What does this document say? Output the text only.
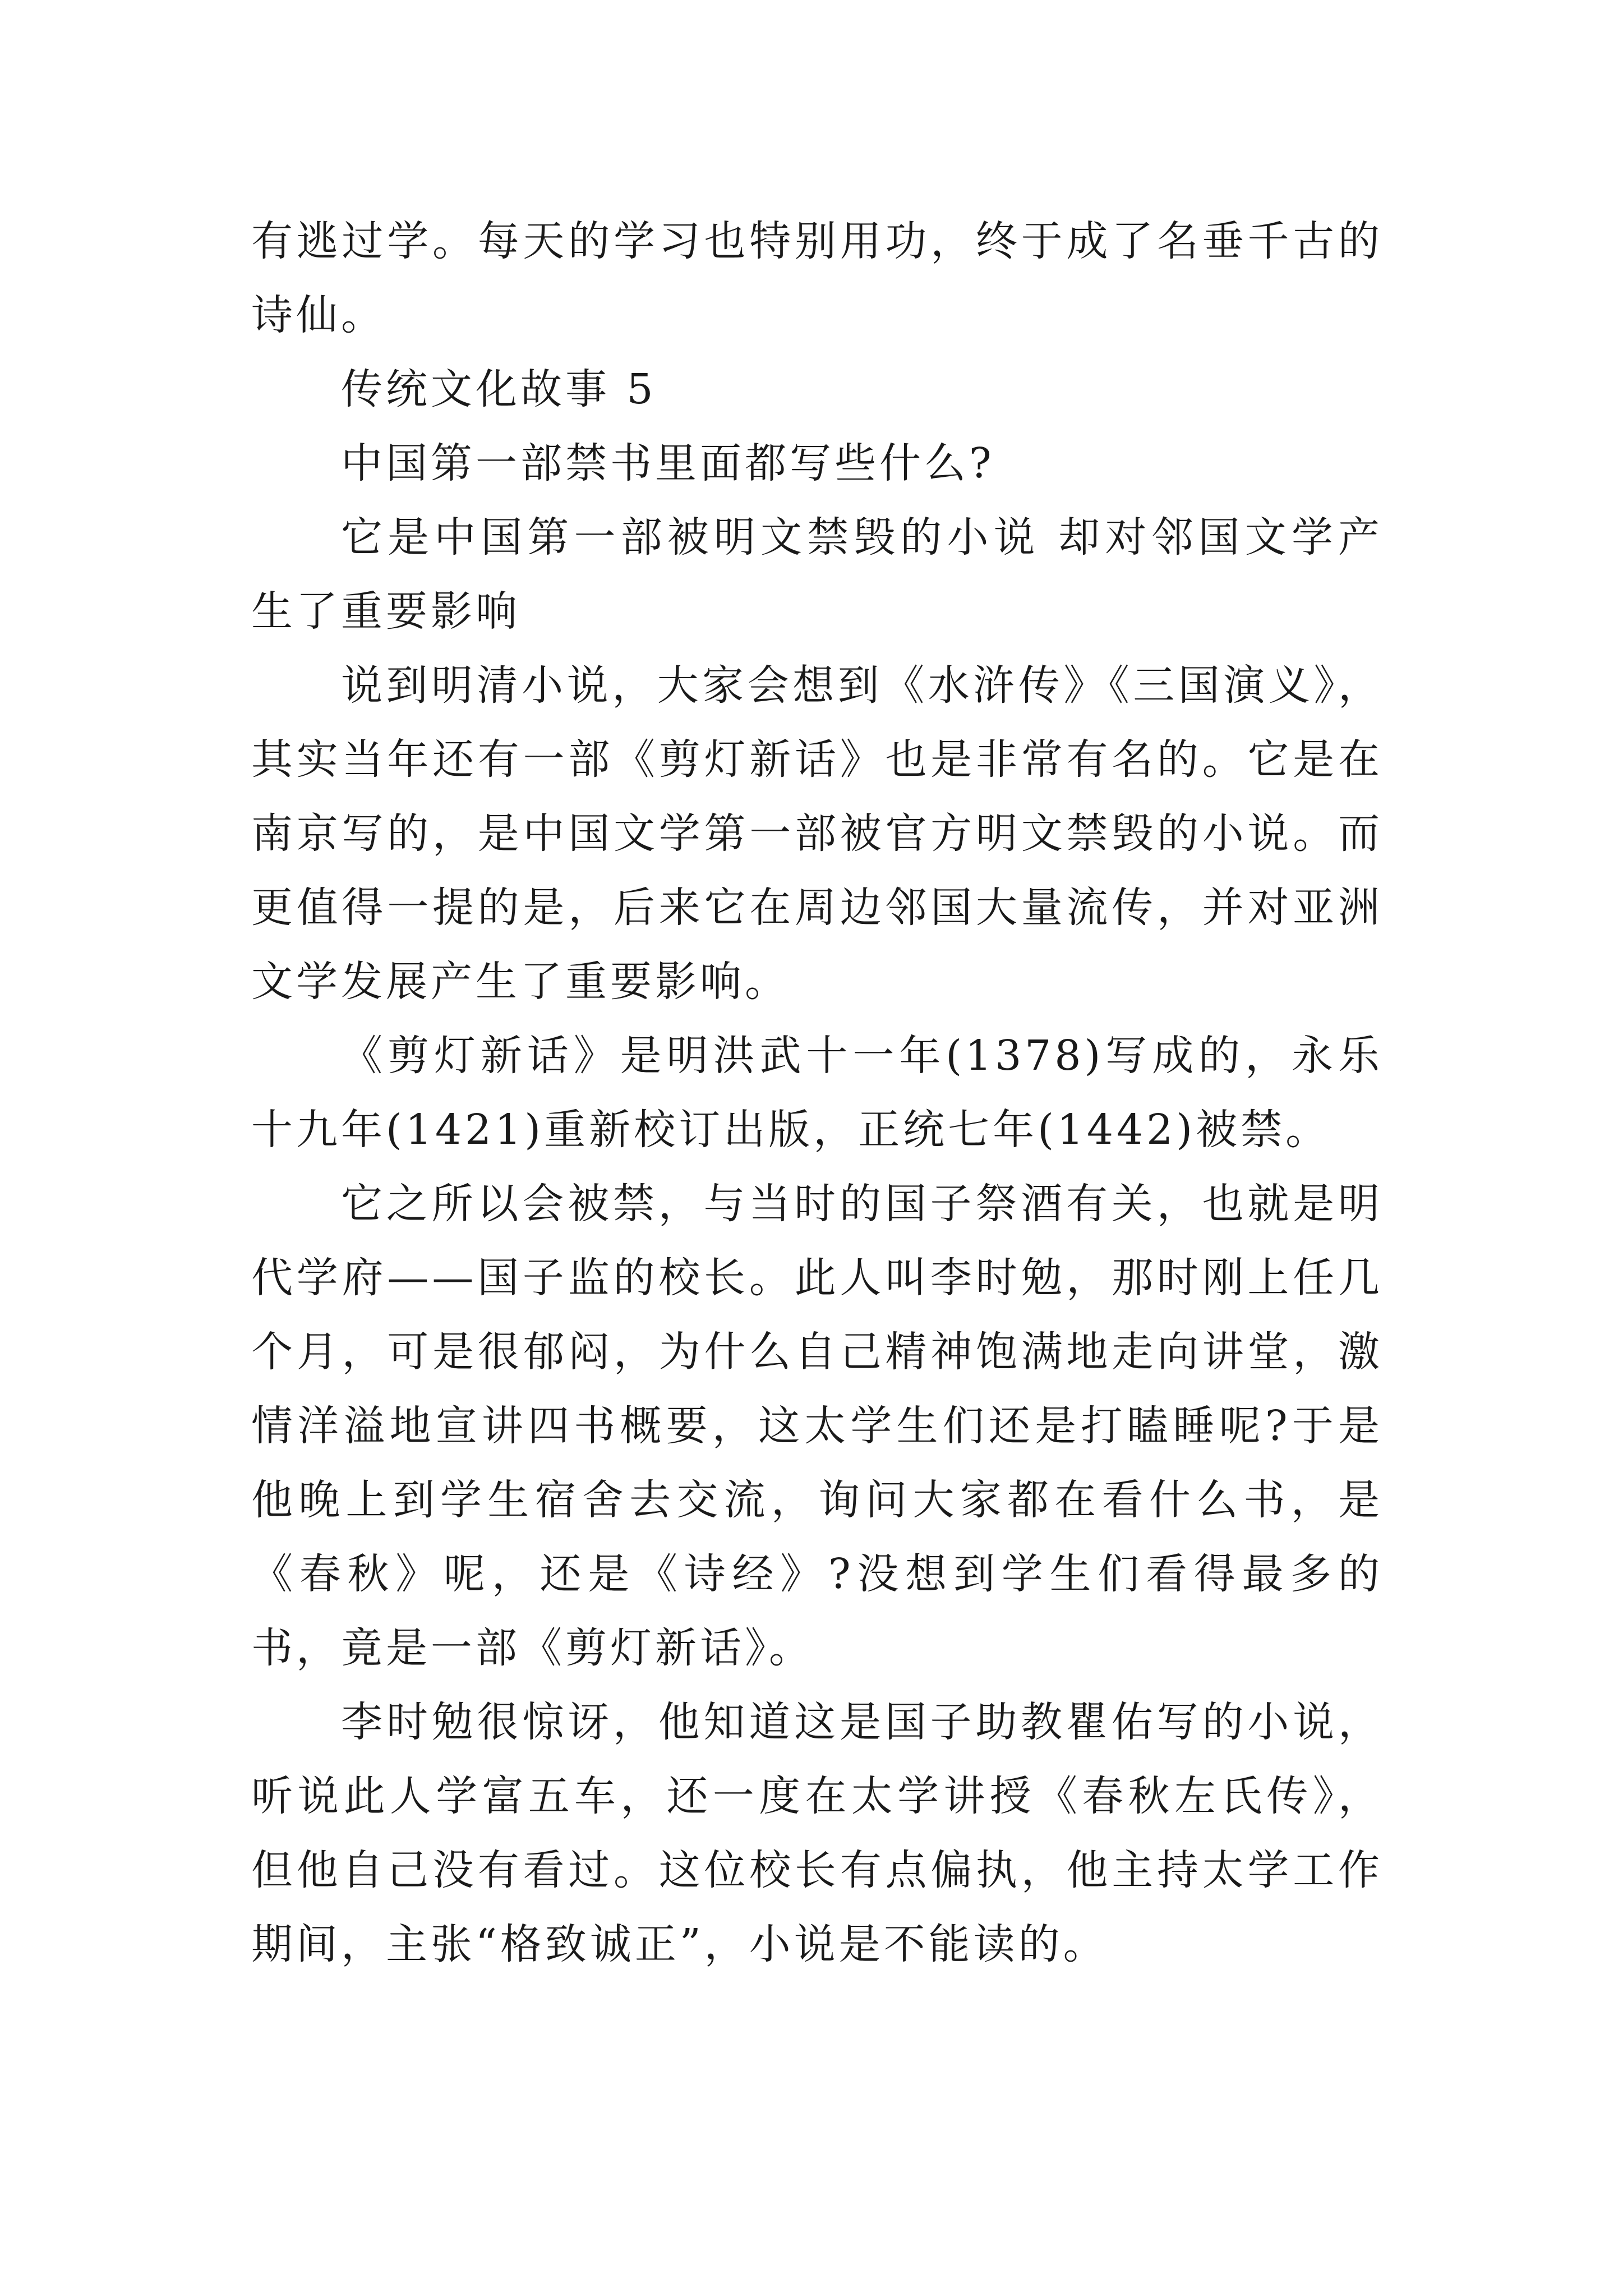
有逃过学。每天的学习也特别用功，终于成了名垂千古的诗仙。

传统文化故事 5

中国第一部禁书里面都写些什么?

它是中国第一部被明文禁毁的小说 却对邻国文学产生了重要影响

说到明清小说，大家会想到《水浒传》《三国演义》，其实当年还有一部《剪灯新话》也是非常有名的。它是在南京写的，是中国文学第一部被官方明文禁毁的小说。而更值得一提的是，后来它在周边邻国大量流传，并对亚洲文学发展产生了重要影响。

《剪灯新话》是明洪武十一年(1378)写成的，永乐十九年(1421)重新校订出版，正统七年(1442)被禁。

它之所以会被禁，与当时的国子祭酒有关，也就是明代学府——国子监的校长。此人叫李时勉，那时刚上任几个月，可是很郁闷，为什么自己精神饱满地走向讲堂，激情洋溢地宣讲四书概要，这太学生们还是打瞌睡呢?于是他晚上到学生宿舍去交流，询问大家都在看什么书，是《春秋》呢，还是《诗经》?没想到学生们看得最多的书，竟是一部《剪灯新话》。

李时勉很惊讶，他知道这是国子助教瞿佑写的小说，听说此人学富五车，还一度在太学讲授《春秋左氏传》，但他自己没有看过。这位校长有点偏执，他主持太学工作期间，主张“格致诚正”，小说是不能读的。
